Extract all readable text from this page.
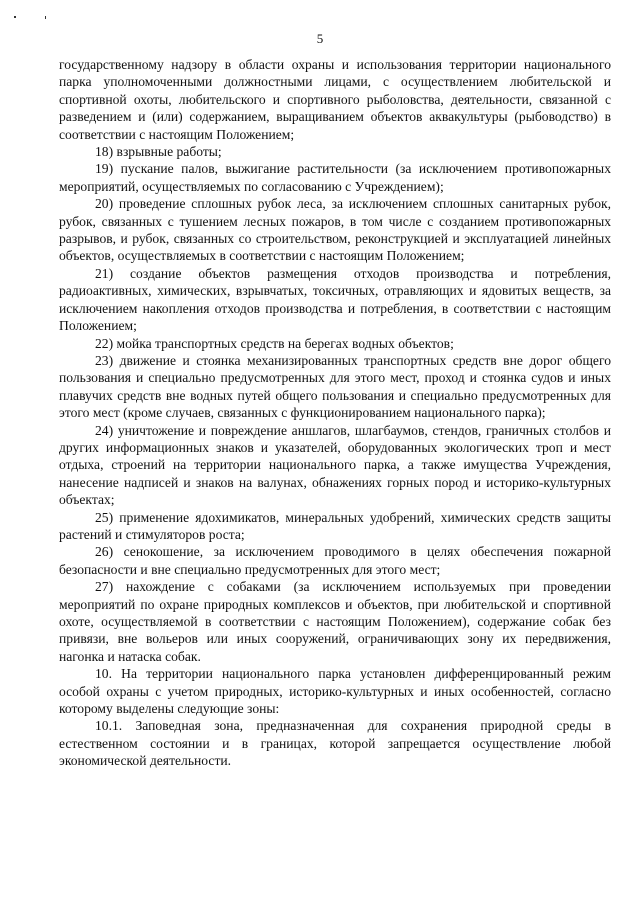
5

государственному надзору в области охраны и использования территории национального парка уполномоченными должностными лицами, с осуществлением любительской и спортивной охоты, любительского и спортивного рыболовства, деятельности, связанной с разведением и (или) содержанием, выращиванием объектов аквакультуры (рыбоводство) в соответствии с настоящим Положением;

18) взрывные работы;

19) пускание палов, выжигание растительности (за исключением противопожарных мероприятий, осуществляемых по согласованию с Учреждением);

20) проведение сплошных рубок леса, за исключением сплошных санитарных рубок, рубок, связанных с тушением лесных пожаров, в том числе с созданием противопожарных разрывов, и рубок, связанных со строительством, реконструкцией и эксплуатацией линейных объектов, осуществляемых в соответствии с настоящим Положением;

21) создание объектов размещения отходов производства и потребления, радиоактивных, химических, взрывчатых, токсичных, отравляющих и ядовитых веществ, за исключением накопления отходов производства и потребления, в соответствии с настоящим Положением;

22) мойка транспортных средств на берегах водных объектов;

23) движение и стоянка механизированных транспортных средств вне дорог общего пользования и специально предусмотренных для этого мест, проход и стоянка судов и иных плавучих средств вне водных путей общего пользования и специально предусмотренных для этого мест (кроме случаев, связанных с функционированием национального парка);

24) уничтожение и повреждение аншлагов, шлагбаумов, стендов, граничных столбов и других информационных знаков и указателей, оборудованных экологических троп и мест отдыха, строений на территории национального парка, а также имущества Учреждения, нанесение надписей и знаков на валунах, обнажениях горных пород и историко-культурных объектах;

25) применение ядохимикатов, минеральных удобрений, химических средств защиты растений и стимуляторов роста;

26) сенокошение, за исключением проводимого в целях обеспечения пожарной безопасности и вне специально предусмотренных для этого мест;

27) нахождение с собаками (за исключением используемых при проведении мероприятий по охране природных комплексов и объектов, при любительской и спортивной охоте, осуществляемой в соответствии с настоящим Положением), содержание собак без привязи, вне вольеров или иных сооружений, ограничивающих зону их передвижения, нагонка и натаска собак.

10. На территории национального парка установлен дифференцированный режим особой охраны с учетом природных, историко-культурных и иных особенностей, согласно которому выделены следующие зоны:

10.1. Заповедная зона, предназначенная для сохранения природной среды в естественном состоянии и в границах, которой запрещается осуществление любой экономической деятельности.
